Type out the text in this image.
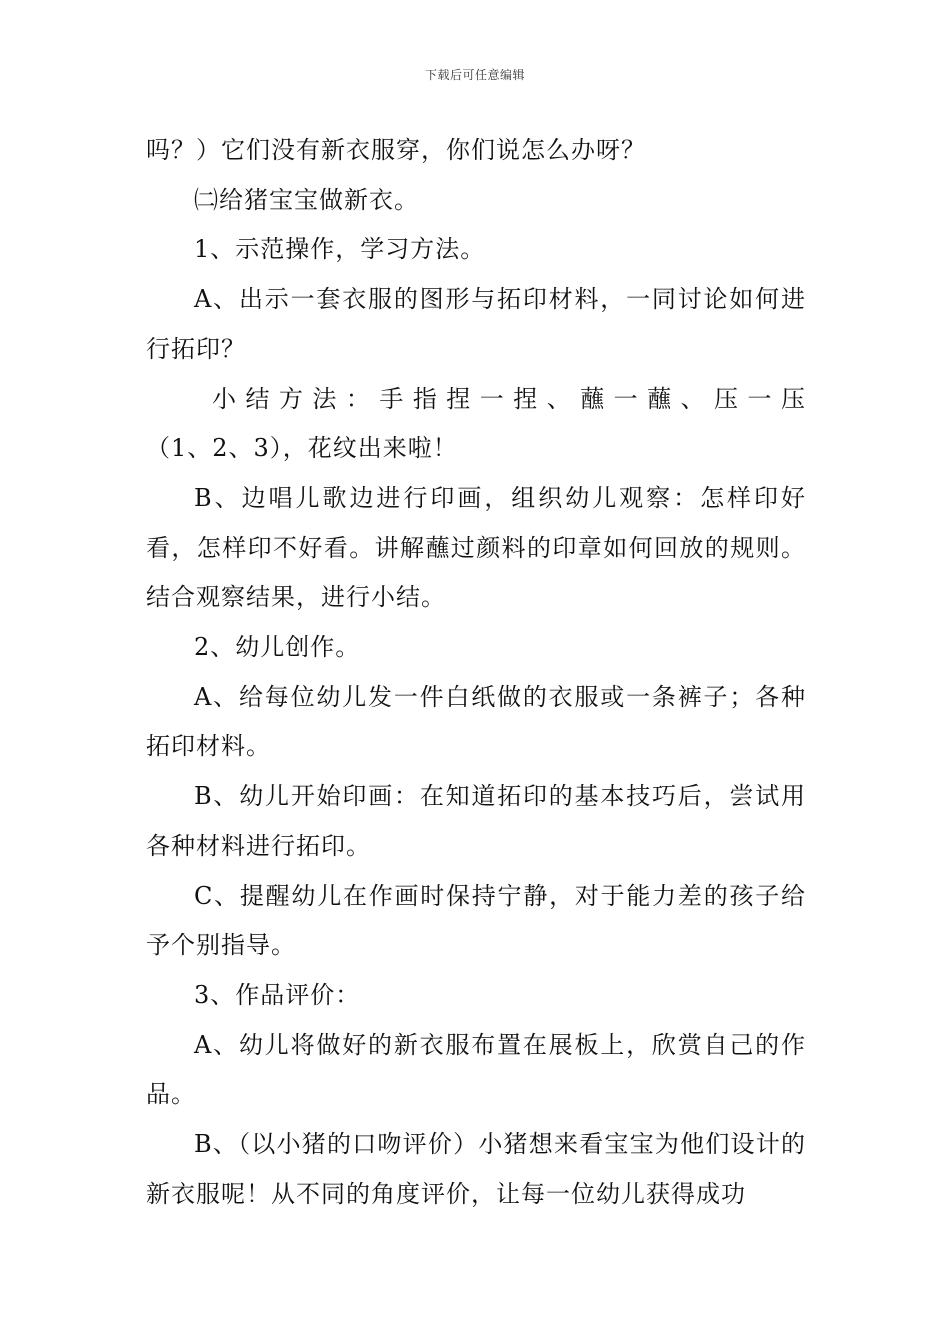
下载后可任意编辑

吗？）它们没有新衣服穿，你们说怎么办呀？

㈡给猪宝宝做新衣。

1、示范操作，学习方法。

A、出示一套衣服的图形与拓印材料，一同讨论如何进行拓印？

小 结 方 法 ： 手 指 捏 一 捏 、 蘸 一 蘸 、 压 一 压

（1、2、3），花纹出来啦！

B、边唱儿歌边进行印画，组织幼儿观察：怎样印好看，怎样印不好看。讲解蘸过颜料的印章如何回放的规则。结合观察结果，进行小结。

2、幼儿创作。

A、给每位幼儿发一件白纸做的衣服或一条裤子；各种拓印材料。

B、幼儿开始印画：在知道拓印的基本技巧后，尝试用各种材料进行拓印。

C、提醒幼儿在作画时保持宁静，对于能力差的孩子给予个别指导。

3、作品评价：

A、幼儿将做好的新衣服布置在展板上，欣赏自己的作品。

B、（以小猪的口吻评价）小猪想来看宝宝为他们设计的新衣服呢！从不同的角度评价，让每一位幼儿获得成功
